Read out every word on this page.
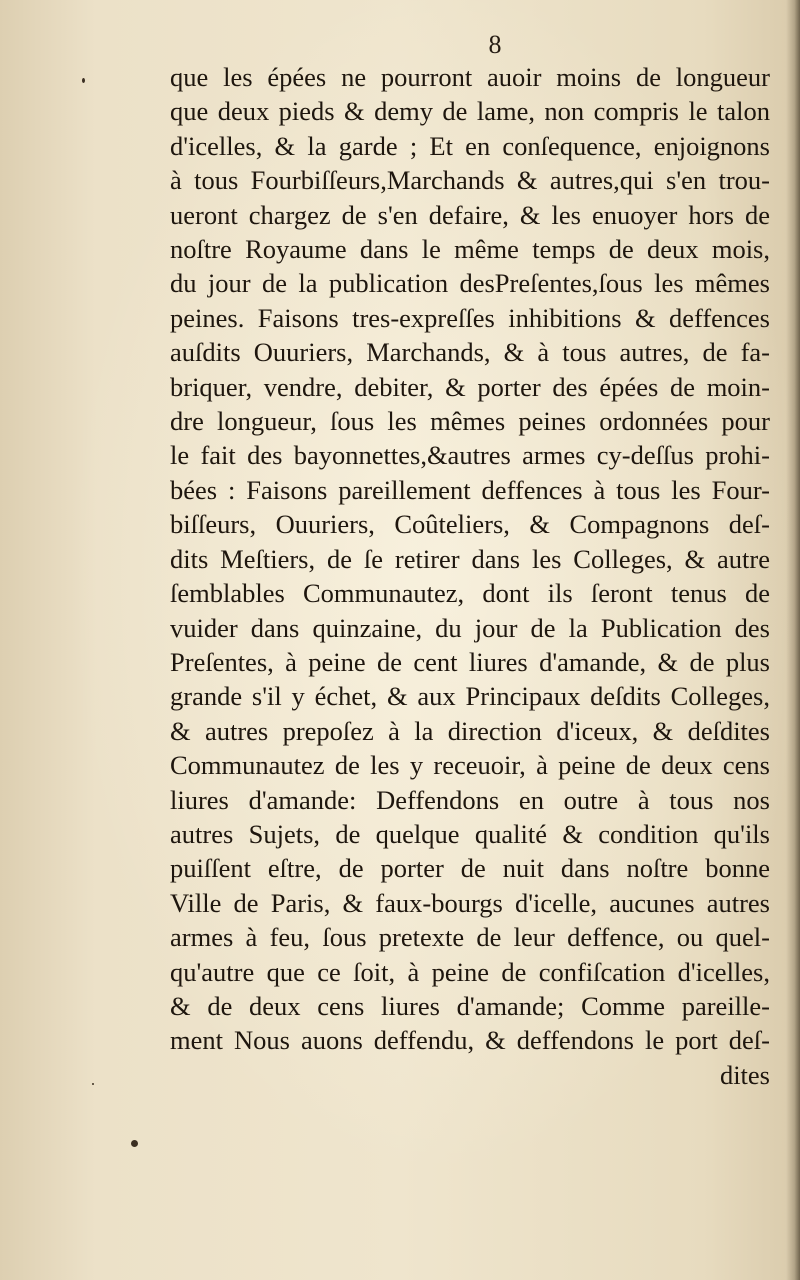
8
que les épées ne pourront auoir moins de longueur
que deux pieds & demy de lame, non compris le talon
d'icelles, & la garde ; Et en conſequence, enjoignons
à tous Fourbiſſeurs,Marchands & autres,qui s'en trou-
ueront chargez de s'en defaire, & les enuoyer hors de
noſtre Royaume dans le même temps de deux mois,
du jour de la publication desPreſentes,ſous les mêmes
peines. Faisons tres-expreſſes inhibitions & deffences
auſdits Ouuriers, Marchands, & à tous autres, de fa-
briquer, vendre, debiter, & porter des épées de moin-
dre longueur, ſous les mêmes peines ordonnées pour
le fait des bayonnettes,&autres armes cy-deſſus prohi-
bées : Faisons pareillement deffences à tous les Four-
biſſeurs, Ouuriers, Coûteliers, & Compagnons deſ-
dits Meſtiers, de ſe retirer dans les Colleges, & autre
ſemblables Communautez, dont ils ſeront tenus de
vuider dans quinzaine, du jour de la Publication des
Preſentes, à peine de cent liures d'amande, & de plus
grande s'il y échet, & aux Principaux deſdits Colleges,
& autres prepoſez à la direction d'iceux, & deſdites
Communautez de les y receuoir, à peine de deux cens
liures d'amande: Deffendons en outre à tous nos
autres Sujets, de quelque qualité & condition qu'ils
puiſſent eſtre, de porter de nuit dans noſtre bonne
Ville de Paris, & faux-bourgs d'icelle, aucunes autres
armes à feu, ſous pretexte de leur deffence, ou quel-
qu'autre que ce ſoit, à peine de confiſcation d'icelles,
& de deux cens liures d'amande; Comme pareille-
ment Nous auons deffendu, & deffendons le port deſ-
dites
